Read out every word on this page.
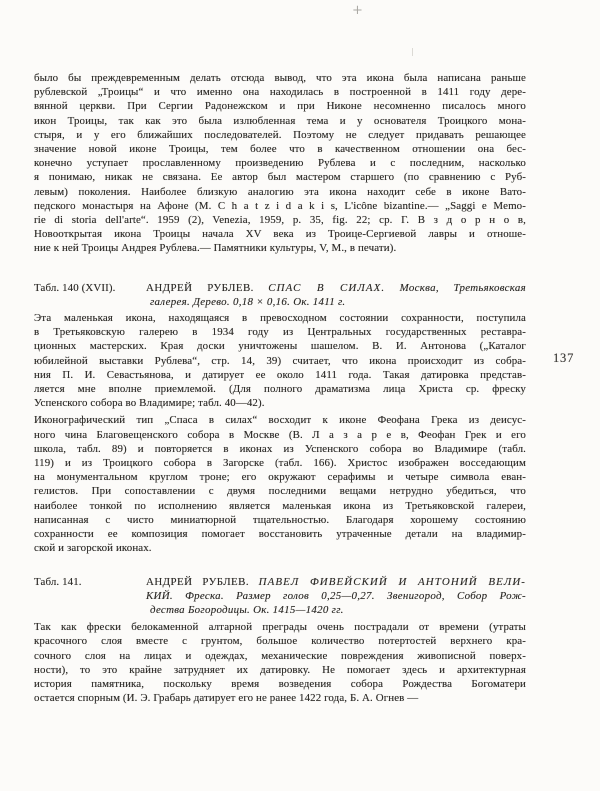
+
было бы преждевременным делать отсюда вывод, что эта икона была написана раньше
рублевской „Троицы“ и что именно она находилась в построенной в 1411 году дере-
вянной церкви. При Сергии Радонежском и при Никоне несомненно писалось много
икон Троицы, так как это была излюбленная тема и у основателя Троицкого мона-
стыря, и у его ближайших последователей. Поэтому не следует придавать решающее
значение новой иконе Троицы, тем более что в качественном отношении она бес-
конечно уступает прославленному произведению Рублева и с последним, насколько
я понимаю, никак не связана. Ее автор был мастером старшего (по сравнению с Руб-
левым) поколения. Наиболее близкую аналогию эта икона находит себе в иконе Вато-
педского монастыря на Афоне (М. C h a t z i d a k i s, L'icône bizantine.— „Saggi e Memo-
rie di storia dell'arte“. 1959 (2), Venezia, 1959, p. 35, fig. 22; ср. Г. В з д о р н о в,
Новооткрытая икона Троицы начала XV века из Троице-Сергиевой лавры и отноше-
ние к ней Троицы Андрея Рублева.— Памятники культуры, V, М., в печати).
Табл. 140 (XVII).	АНДРЕЙ РУБЛЕВ. СПАС В СИЛАХ. Москва, Третьяковская
галерея. Дерево. 0,18 × 0,16. Ок. 1411 г.
Эта маленькая икона, находящаяся в превосходном состоянии сохранности, поступила
в Третьяковскую галерею в 1934 году из Центральных государственных реставра-
ционных мастерских. Края доски уничтожены шашелом. В. И. Антонова („Каталог
юбилейной выставки Рублева“, стр. 14, 39) считает, что икона происходит из собра-
ния П. И. Севастьянова, и датирует ее около 1411 года. Такая датировка представ-
ляется мне вполне приемлемой. (Для полного драматизма лица Христа ср. фреску
Успенского собора во Владимире; табл. 40—42).
Иконографический тип „Спаса в силах“ восходит к иконе Феофана Грека из деисус-
ного чина Благовещенского собора в Москве (В. Л а з а р е в, Феофан Грек и его
школа, табл. 89) и повторяется в иконах из Успенского собора во Владимире (табл.
119) и из Троицкого собора в Загорске (табл. 166). Христос изображен восседающим
на монументальном круглом троне; его окружают серафимы и четыре символа еван-
гелистов. При сопоставлении с двумя последними вещами нетрудно убедиться, что
наиболее тонкой по исполнению является маленькая икона из Третьяковской галереи,
написанная с чисто миниатюрной тщательностью. Благодаря хорошему состоянию
сохранности ее композиция помогает восстановить утраченные детали на владимир-
ской и загорской иконах.
Табл. 141.	АНДРЕЙ РУБЛЕВ. ПАВЕЛ ФИВЕЙСКИЙ И АНТОНИЙ ВЕЛИ-
КИЙ. Фреска. Размер голов 0,25—0,27. Звенигород, Собор Рож-
дества Богородицы. Ок. 1415—1420 гг.
Так как фрески белокаменной алтарной преграды очень пострадали от времени (утраты
красочного слоя вместе с грунтом, большое количество потертостей верхнего кра-
сочного слоя на лицах и одеждах, механические повреждения живописной поверх-
ности), то это крайне затрудняет их датировку. Не помогает здесь и архитектурная
история памятника, поскольку время возведения собора Рождества Богоматери
остается спорным (И. Э. Грабарь датирует его не ранее 1422 года, Б. А. Огнев —
137
